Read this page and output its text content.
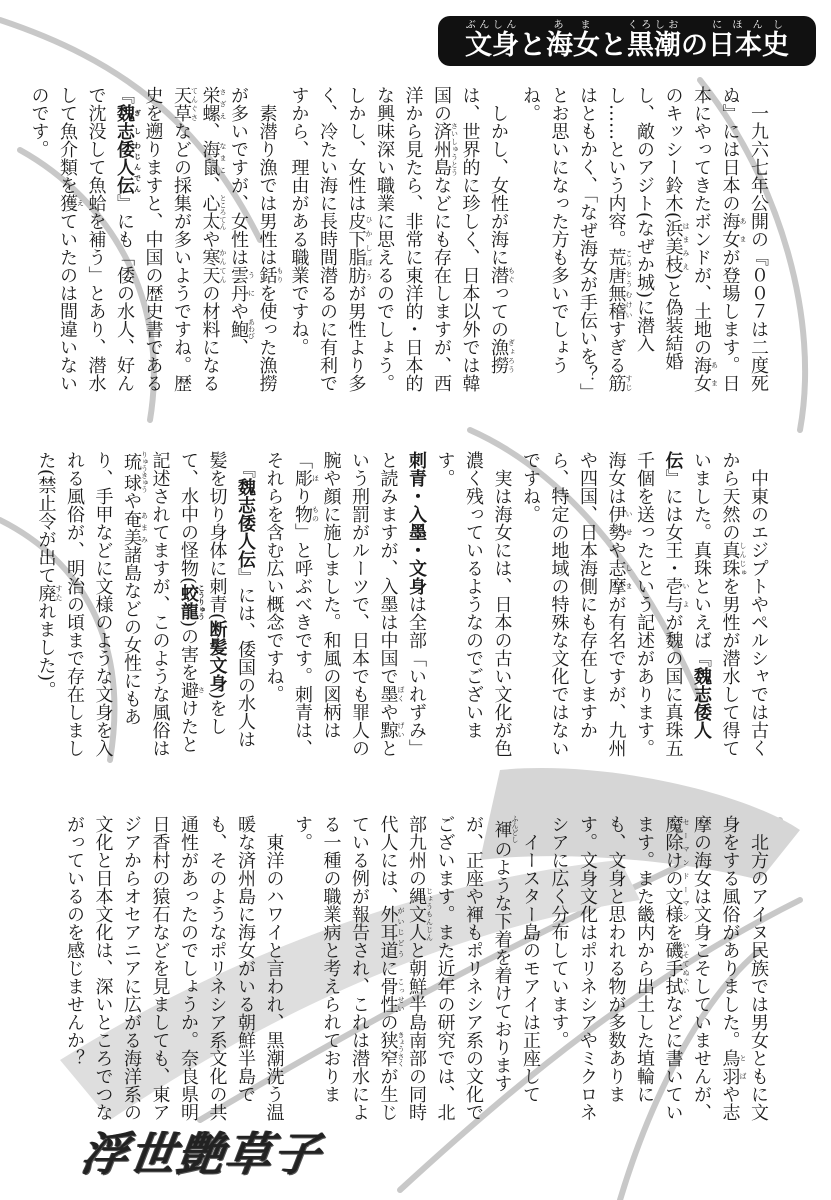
文身ぶんしん
と 海女あま
と 黒潮くろしお
の 日本史にほんし

　一九六七年公開の『００７は二度死ぬ』には日本の海女あまが登場します。日本にやってきたボンドが、土地の海女あまのキッシー鈴木(浜美枝はまみえ)と偽装結婚し、敵のアジト(なぜか城)に潜入し……という内容。荒唐無稽こうとうむけいすぎる筋すじはともかく、「なぜ海女が手伝いを？」とお思いになった方も多いでしょうね。

　しかし、女性が海に潜もぐっての漁撈ぎょろうは、世界的に珍しく、日本以外では韓国の済州島さいしゅうとうなどにも存在しますが、西洋から見たら、非常に東洋的・日本的な興味深い職業に思えるのでしょう。しかし、女性は皮下脂肪ひかしぼうが男性より多く、冷たい海に長時間潜るのに有利ですから、理由がある職業ですね。

　素潜り漁では男性は銛もりを使った漁撈が多いですが、女性は雲丹うにや鮑あわび、栄螺さざえ、海鼠なまこ、心太ところてんや寒天かんてんの材料になる天草てんぐさなどの採集が多いようですね。歴史を遡りますと、中国の歴史書である『魏志ぎし倭人伝わじんでん』にも「倭の水人、好んで沈没して魚蛤を補う」とあり、潜水して魚介類を獲えていたのは間違いないのです。

　中東のエジプトやペルシャでは古くから天然の真珠しんじゅを男性が潜水して得ていました。真珠といえば『魏志倭人伝』には女王・壱与いよが魏の国に真珠五千個を送ったという記述があります。海女は伊勢いせや志摩しまが有名ですが、九州や四国、日本海側にも存在しますから、特定の地域の特殊な文化ではないですね。

　実は海女には、日本の古い文化が色濃く残っているようなのでございます。

刺青・入墨・文身は全部「いれずみ」と読みますが、入墨は中国で墨ぼくや黥げいという刑罰がルーツで、日本でも罪人の腕や顔に施しました。和風の図柄は「彫ほり物もの」と呼ぶべきです。刺青は、それらを含む広い概念ですね。

　『魏志倭人伝』には、倭国の水人は髪を切り身体に刺青(断髪文身)をして、水中の怪物(蛟龍こうりゅう)の害を避さけたと記述されてますが、このような風俗は琉球りゅうきゅうや奄美あまみ諸島などの女性にもあり、手甲などに文様のような文身を入れる風俗が、明治の頃まで存在しました(禁止令が出て廃すたれました)。

　北方のアイヌ民族では男女ともに文身をする風俗がありました。鳥羽とばや志摩の海女は文身こそしていませんが、魔除けの文様セーマンドーマンを磯手拭いそてぬぐいなどに書いています。また畿内から出土した埴輪にも、文身と思われる物が多数あります。文身文化はポリネシアやミクロネシアに広く分布しています。

　イースター島のモアイは正座して褌ふんどしのような下着を着けておりますが、正座や褌もポリネシア系の文化でございます。また近年の研究では、北部九州の縄文人じょうもんじんと朝鮮半島南部の同時代人には、外耳道がいじどうに骨性こっせいの狭窄きょうさくが生じている例が報告され、これは潜水による一種の職業病と考えられております。

　東洋のハワイと言われ、黒潮洗う温暖な済州島に海女がいる朝鮮半島でも、そのようなポリネシア系文化の共通性があったのでしょうか。奈良県明日香村の猿石などを見ましても、東アジアからオセアニアに広がる海洋系の文化と日本文化は、深いところでつながっているのを感じませんか？

浮世艶草子
